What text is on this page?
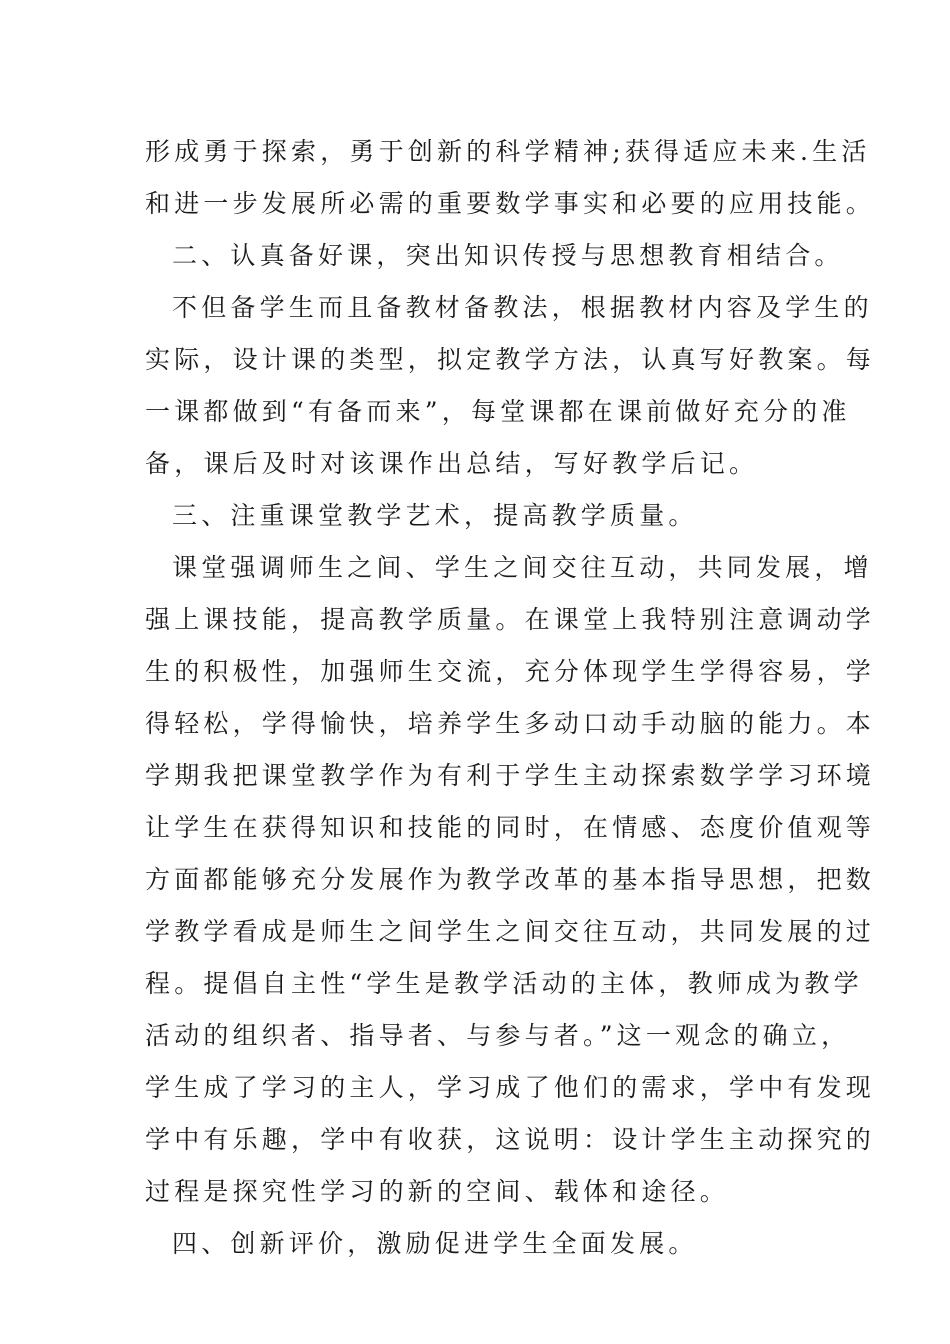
形成勇于探索，勇于创新的科学精神;获得适应未来.生活
和进一步发展所必需的重要数学事实和必要的应用技能。
二、认真备好课，突出知识传授与思想教育相结合。
不但备学生而且备教材备教法，根据教材内容及学生的
实际，设计课的类型，拟定教学方法，认真写好教案。每
一课都做到“有备而来”，每堂课都在课前做好充分的准
备，课后及时对该课作出总结，写好教学后记。
三、注重课堂教学艺术，提高教学质量。
课堂强调师生之间、学生之间交往互动，共同发展，增
强上课技能，提高教学质量。在课堂上我特别注意调动学
生的积极性，加强师生交流，充分体现学生学得容易，学
得轻松，学得愉快，培养学生多动口动手动脑的能力。本
学期我把课堂教学作为有利于学生主动探索数学学习环境
让学生在获得知识和技能的同时，在情感、态度价值观等
方面都能够充分发展作为教学改革的基本指导思想，把数
学教学看成是师生之间学生之间交往互动，共同发展的过
程。提倡自主性“学生是教学活动的主体，教师成为教学
活动的组织者、指导者、与参与者。”这一观念的确立，
学生成了学习的主人，学习成了他们的需求，学中有发现
学中有乐趣，学中有收获，这说明：设计学生主动探究的
过程是探究性学习的新的空间、载体和途径。
四、创新评价，激励促进学生全面发展。
